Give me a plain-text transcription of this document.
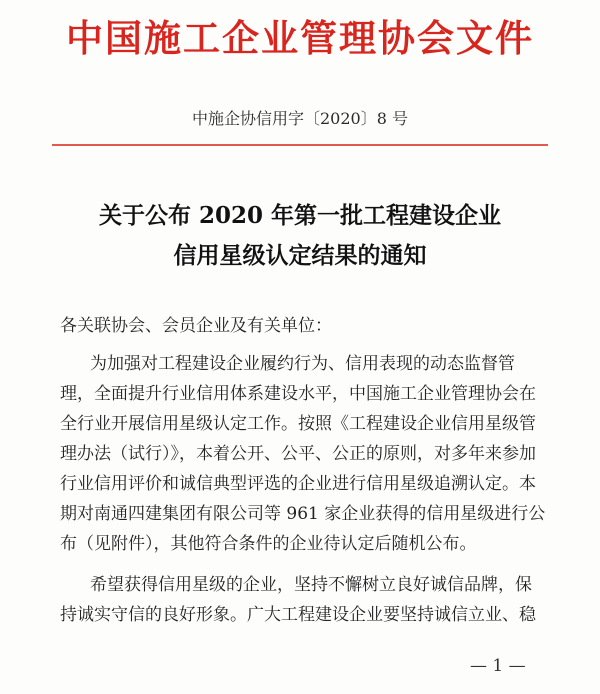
中国施工企业管理协会文件
中施企协信用字〔2020〕8 号
关于公布 2020 年第一批工程建设企业
信用星级认定结果的通知
各关联协会、会员企业及有关单位：
为加强对工程建设企业履约行为、信用表现的动态监督管
理，全面提升行业信用体系建设水平，中国施工企业管理协会在
全行业开展信用星级认定工作。按照《工程建设企业信用星级管
理办法（试行）》，本着公开、公平、公正的原则，对多年来参加
行业信用评价和诚信典型评选的企业进行信用星级追溯认定。本
期对南通四建集团有限公司等 961 家企业获得的信用星级进行公
布（见附件），其他符合条件的企业待认定后随机公布。
希望获得信用星级的企业，坚持不懈树立良好诚信品牌，保
持诚实守信的良好形象。广大工程建设企业要坚持诚信立业、稳
— 1 —
